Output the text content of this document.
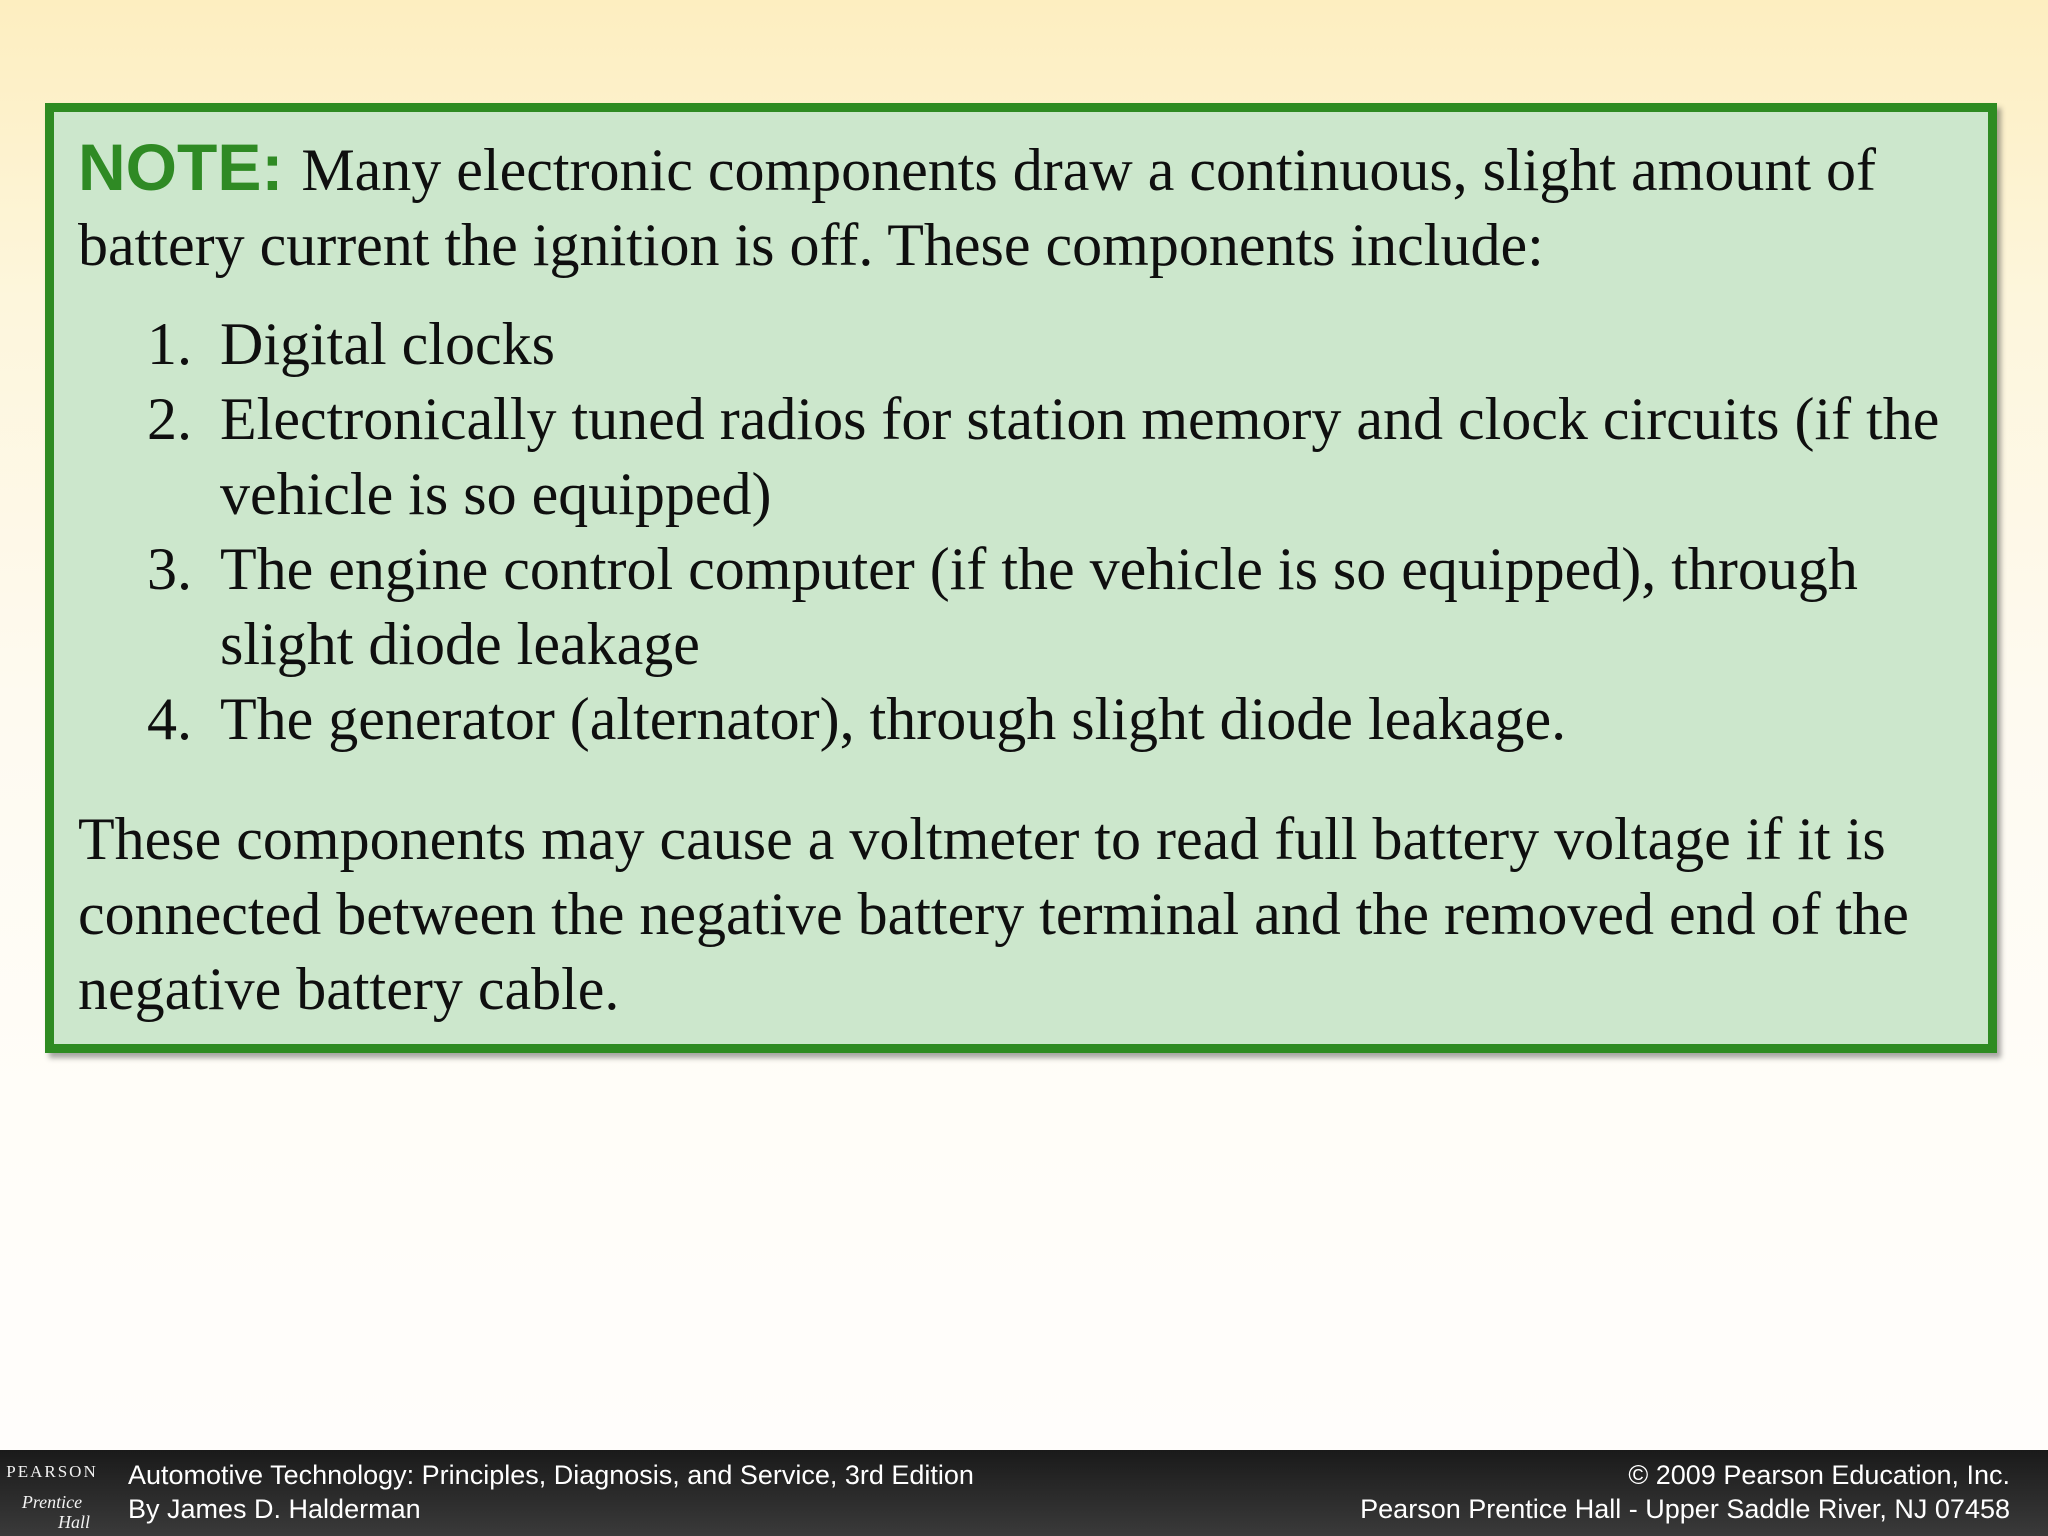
NOTE: Many electronic components draw a continuous, slight amount of battery current the ignition is off. These components include:

1. Digital clocks
2. Electronically tuned radios for station memory and clock circuits (if the vehicle is so equipped)
3. The engine control computer (if the vehicle is so equipped), through slight diode leakage
4. The generator (alternator), through slight diode leakage.

These components may cause a voltmeter to read full battery voltage if it is connected between the negative battery terminal and the removed end of the negative battery cable.

PEARSON
Prentice
Hall
Automotive Technology: Principles, Diagnosis, and Service, 3rd Edition
By James D. Halderman
© 2009 Pearson Education, Inc.
Pearson Prentice Hall - Upper Saddle River, NJ 07458
